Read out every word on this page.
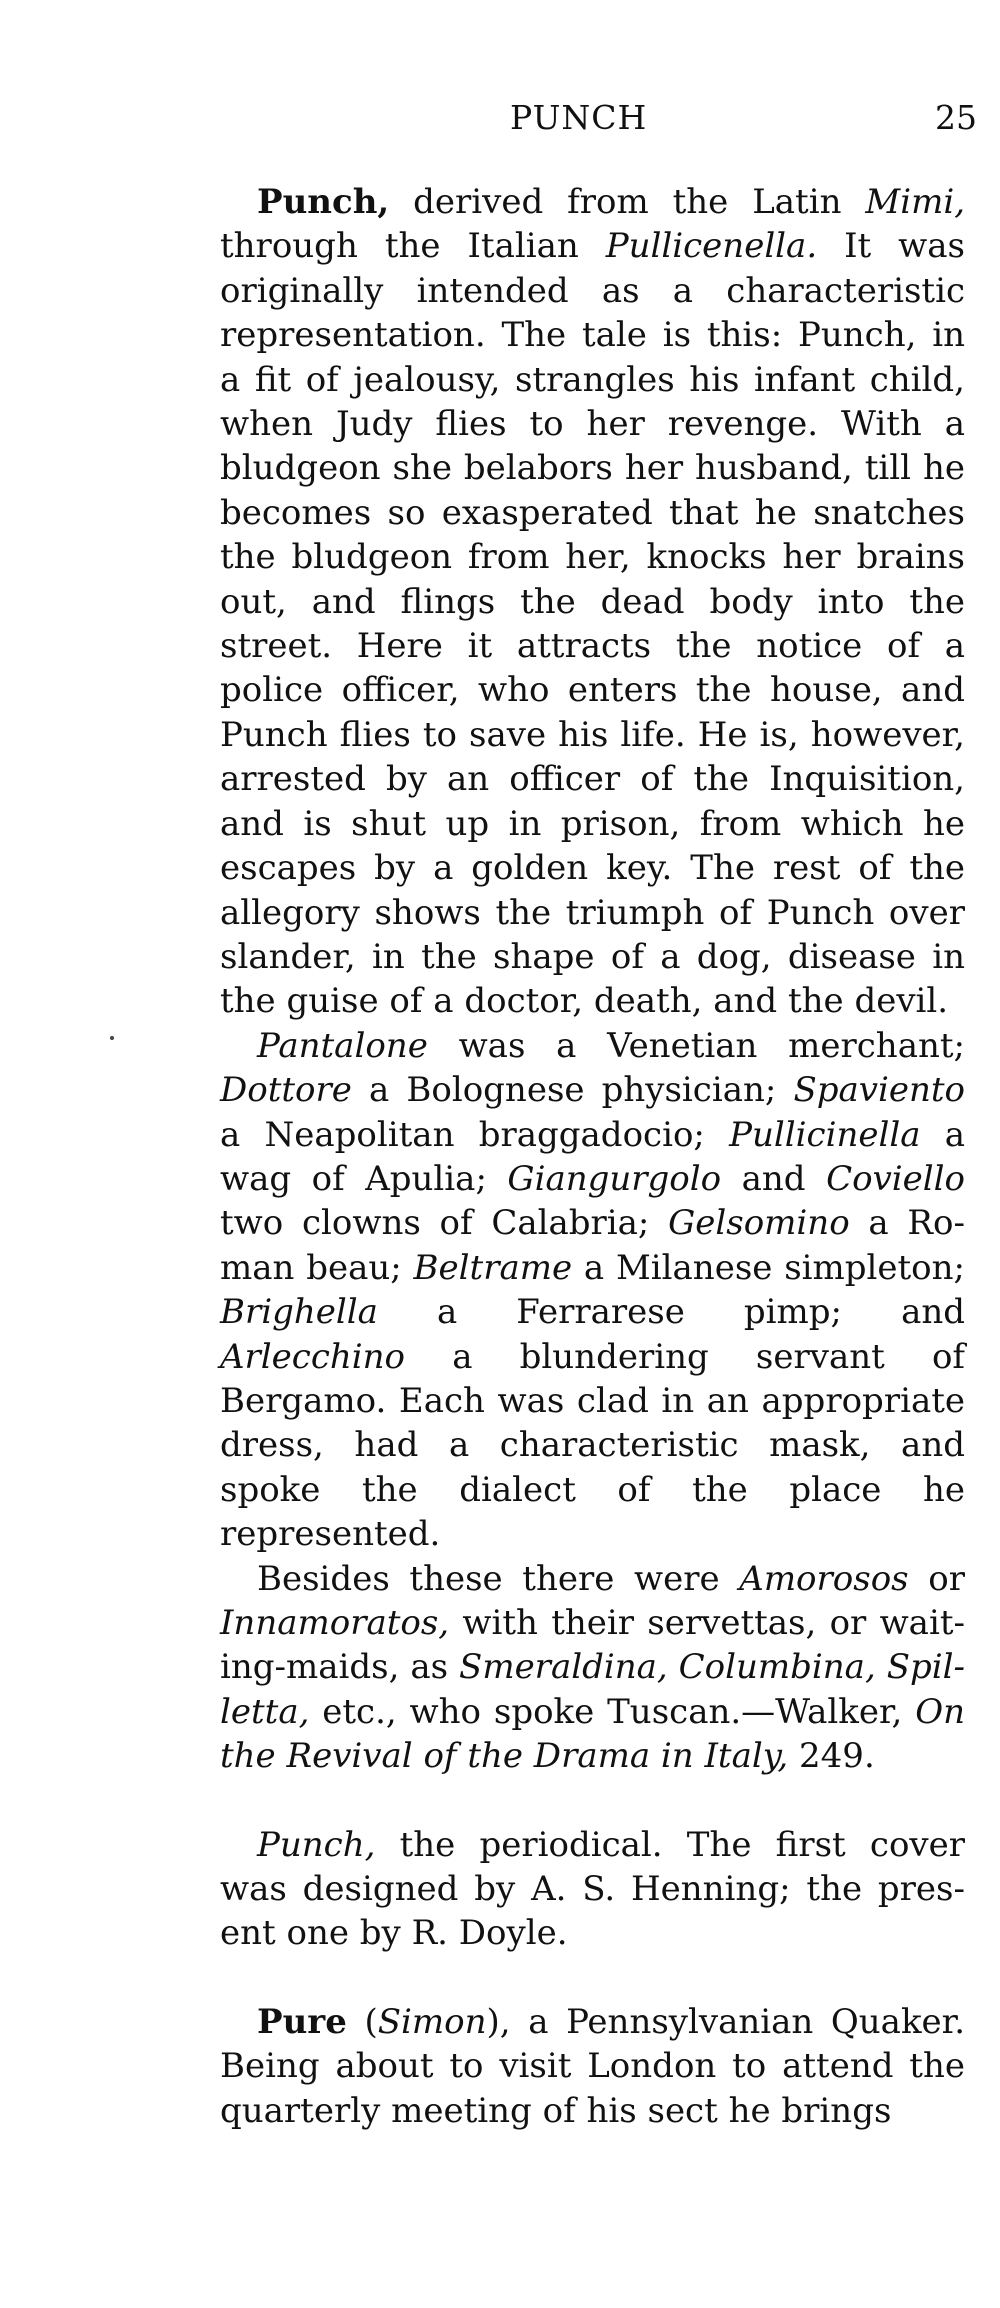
PUNCH	25

Punch, derived from the Latin Mimi, through the Italian Pullicenella. It was originally intended as a characteristic representation. The tale is this: Punch, in a fit of jealousy, strangles his infant child, when Judy flies to her revenge. With a bludgeon she belabors her husband, till he becomes so exasperated that he snatches the bludgeon from her, knocks her brains out, and flings the dead body into the street. Here it attracts the notice of a police officer, who enters the house, and Punch flies to save his life. He is, however, arrested by an officer of the Inquisition, and is shut up in prison, from which he escapes by a golden key. The rest of the allegory shows the triumph of Punch over slander, in the shape of a dog, disease in the guise of a doctor, death, and the devil.

Pantalone was a Venetian merchant; Dottore a Bolognese physician; Spaviento a Neapolitan braggadocio; Pullicinella a wag of Apulia; Giangurgolo and Coviello two clowns of Calabria; Gelsomino a Roman beau; Beltrame a Milanese simpleton; Brighella a Ferrarese pimp; and Arlecchino a blundering servant of Bergamo. Each was clad in an appropriate dress, had a characteristic mask, and spoke the dialect of the place he represented.

Besides these there were Amorosos or Innamoratos, with their servettas, or waiting-maids, as Smeraldina, Columbina, Spilletta, etc., who spoke Tuscan.—Walker, On the Revival of the Drama in Italy, 249.

Punch, the periodical. The first cover was designed by A. S. Henning; the present one by R. Doyle.

Pure (Simon), a Pennsylvanian Quaker. Being about to visit London to attend the quarterly meeting of his sect he brings
